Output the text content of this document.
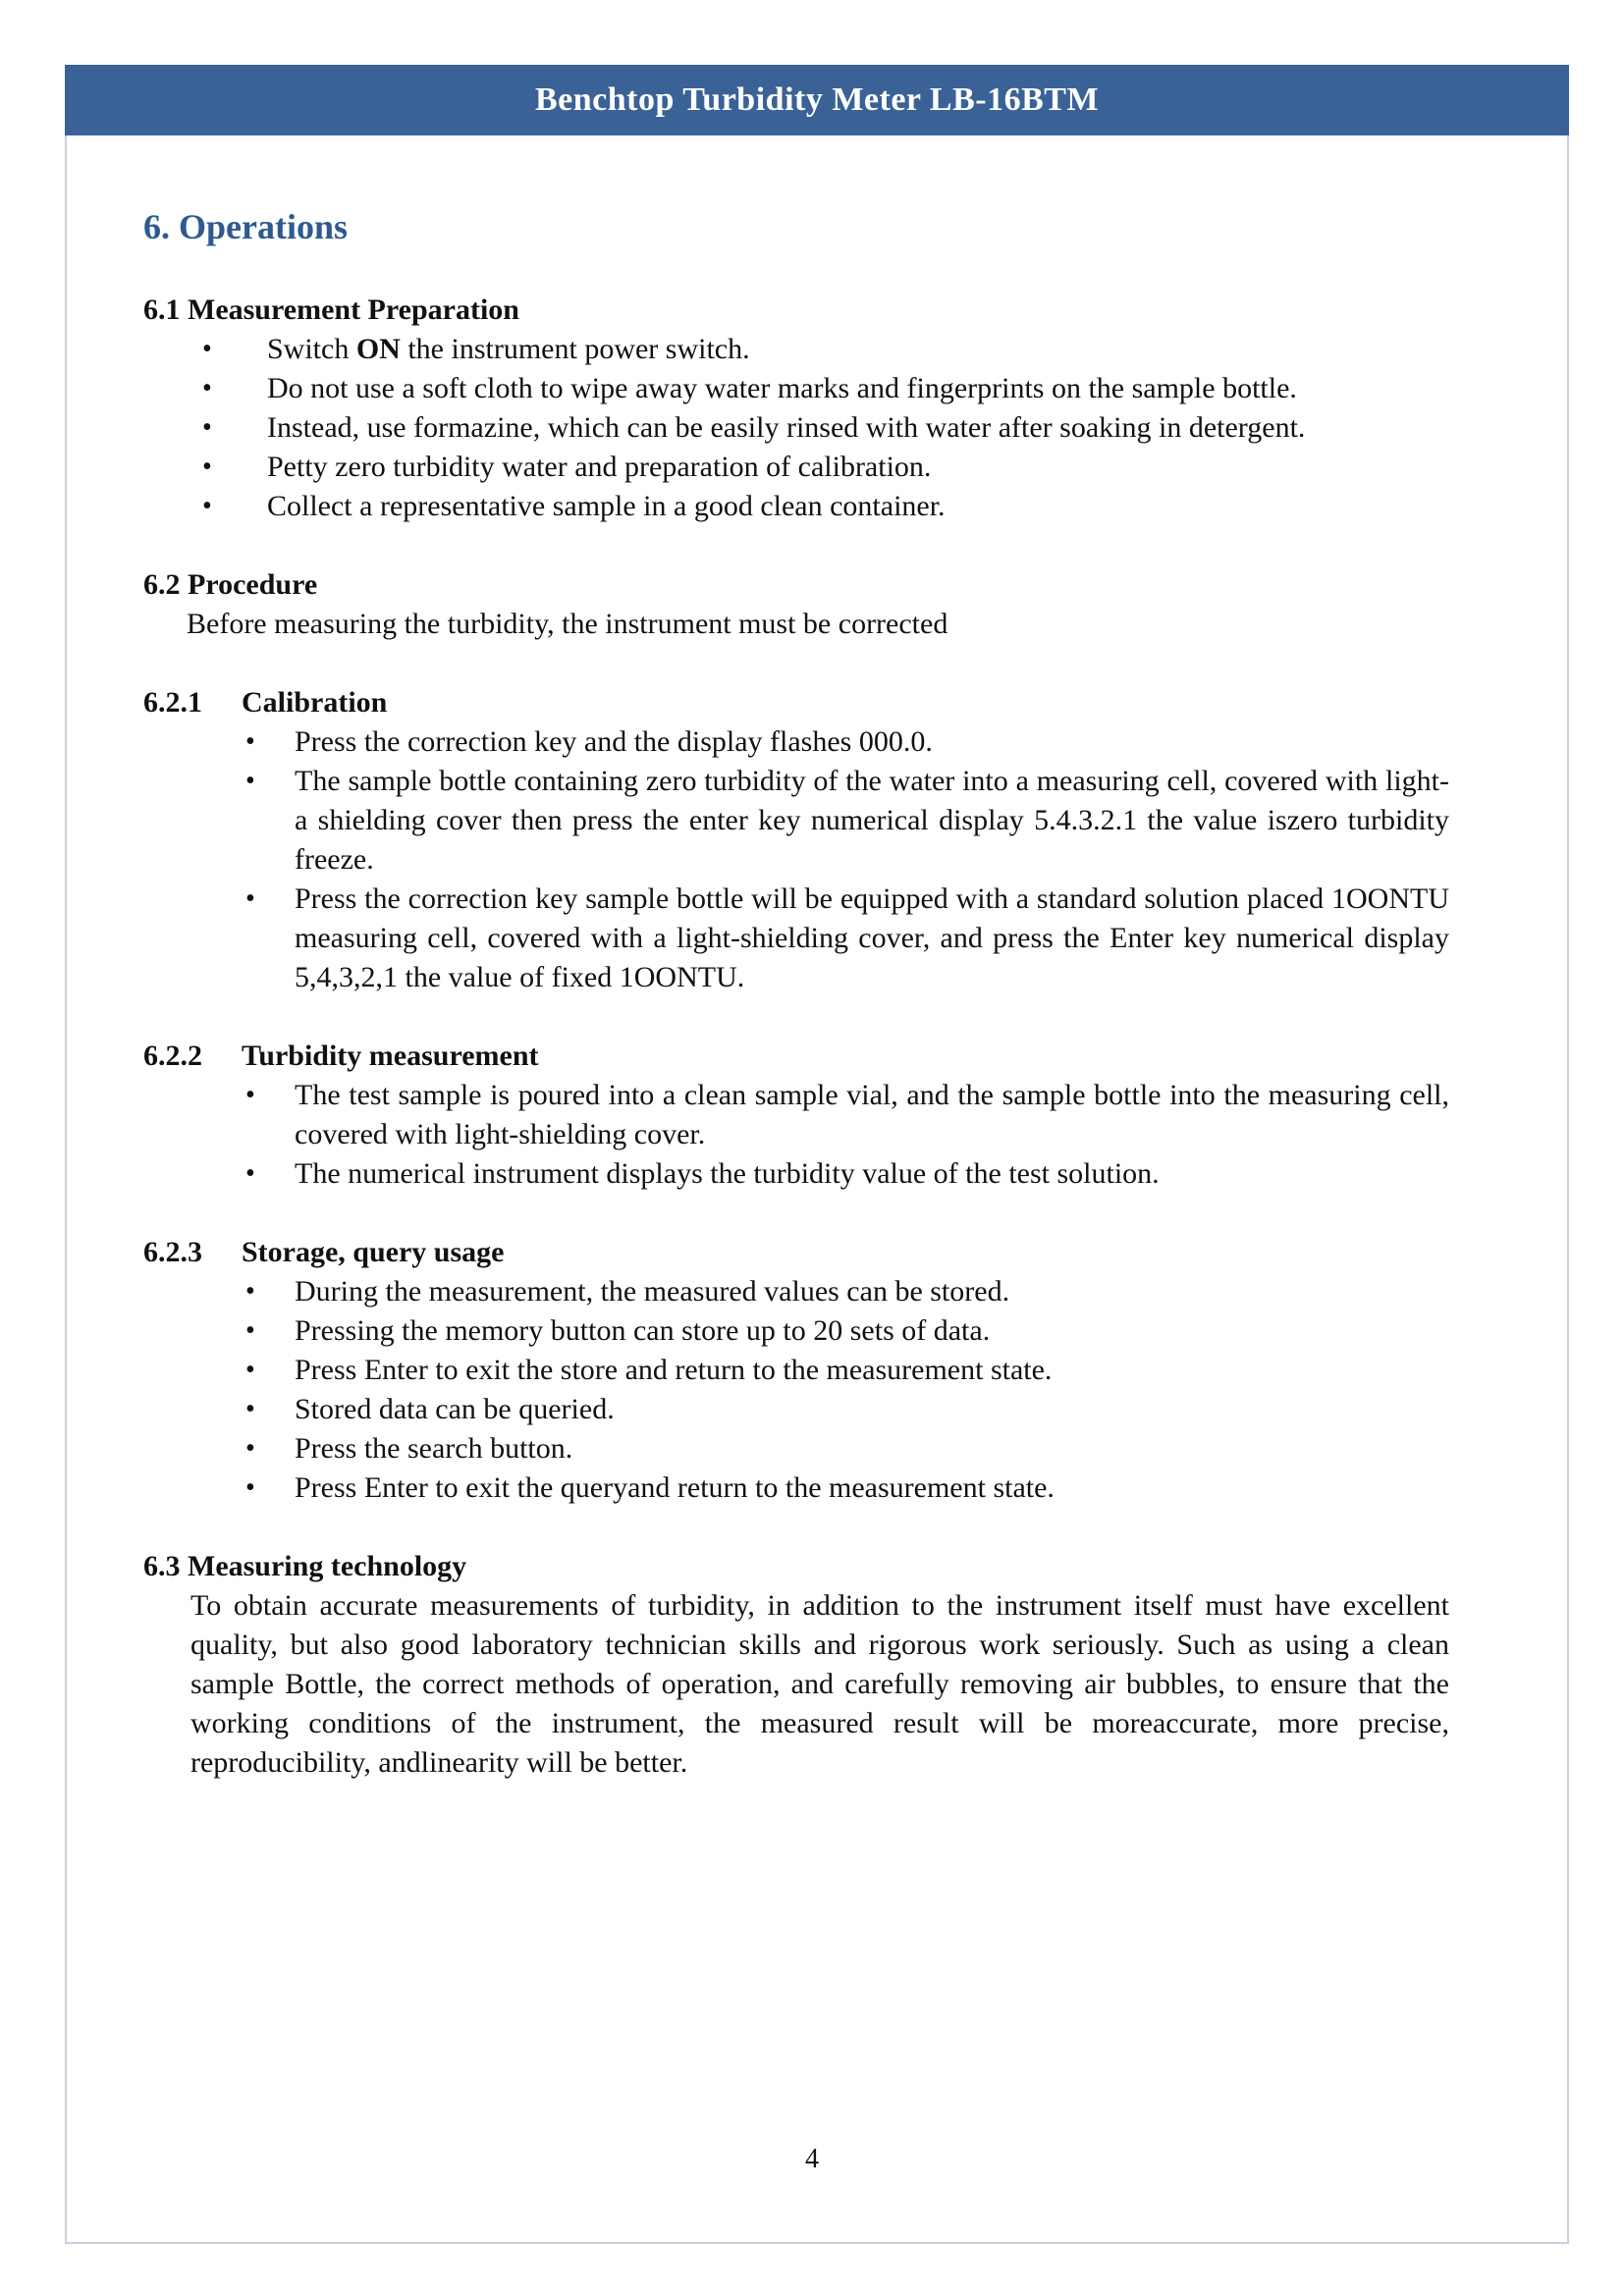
Benchtop Turbidity Meter LB-16BTM
6. Operations
6.1 Measurement Preparation
• Switch ON the instrument power switch.
• Do not use a soft cloth to wipe away water marks and fingerprints on the sample bottle.
• Instead, use formazine, which can be easily rinsed with water after soaking in detergent.
• Petty zero turbidity water and preparation of calibration.
• Collect a representative sample in a good clean container.
6.2 Procedure
Before measuring the turbidity, the instrument must be corrected
6.2.1 Calibration
• Press the correction key and the display flashes 000.0.
• The sample bottle containing zero turbidity of the water into a measuring cell, covered with light- a shielding cover then press the enter key numerical display 5.4.3.2.1 the value iszero turbidity freeze.
• Press the correction key sample bottle will be equipped with a standard solution placed 1OONTU measuring cell, covered with a light-shielding cover, and press the Enter key numerical display 5,4,3,2,1 the value of fixed 1OONTU.
6.2.2 Turbidity measurement
• The test sample is poured into a clean sample vial, and the sample bottle into the measuring cell, covered with light-shielding cover.
• The numerical instrument displays the turbidity value of the test solution.
6.2.3 Storage, query usage
• During the measurement, the measured values can be stored.
• Pressing the memory button can store up to 20 sets of data.
• Press Enter to exit the store and return to the measurement state.
• Stored data can be queried.
• Press the search button.
• Press Enter to exit the queryand return to the measurement state.
6.3 Measuring technology
To obtain accurate measurements of turbidity, in addition to the instrument itself must have excellent quality, but also good laboratory technician skills and rigorous work seriously. Such as using a clean sample Bottle, the correct methods of operation, and carefully removing air bubbles, to ensure that the working conditions of the instrument, the measured result will be moreaccurate, more precise, reproducibility, andlinearity will be better.
4
